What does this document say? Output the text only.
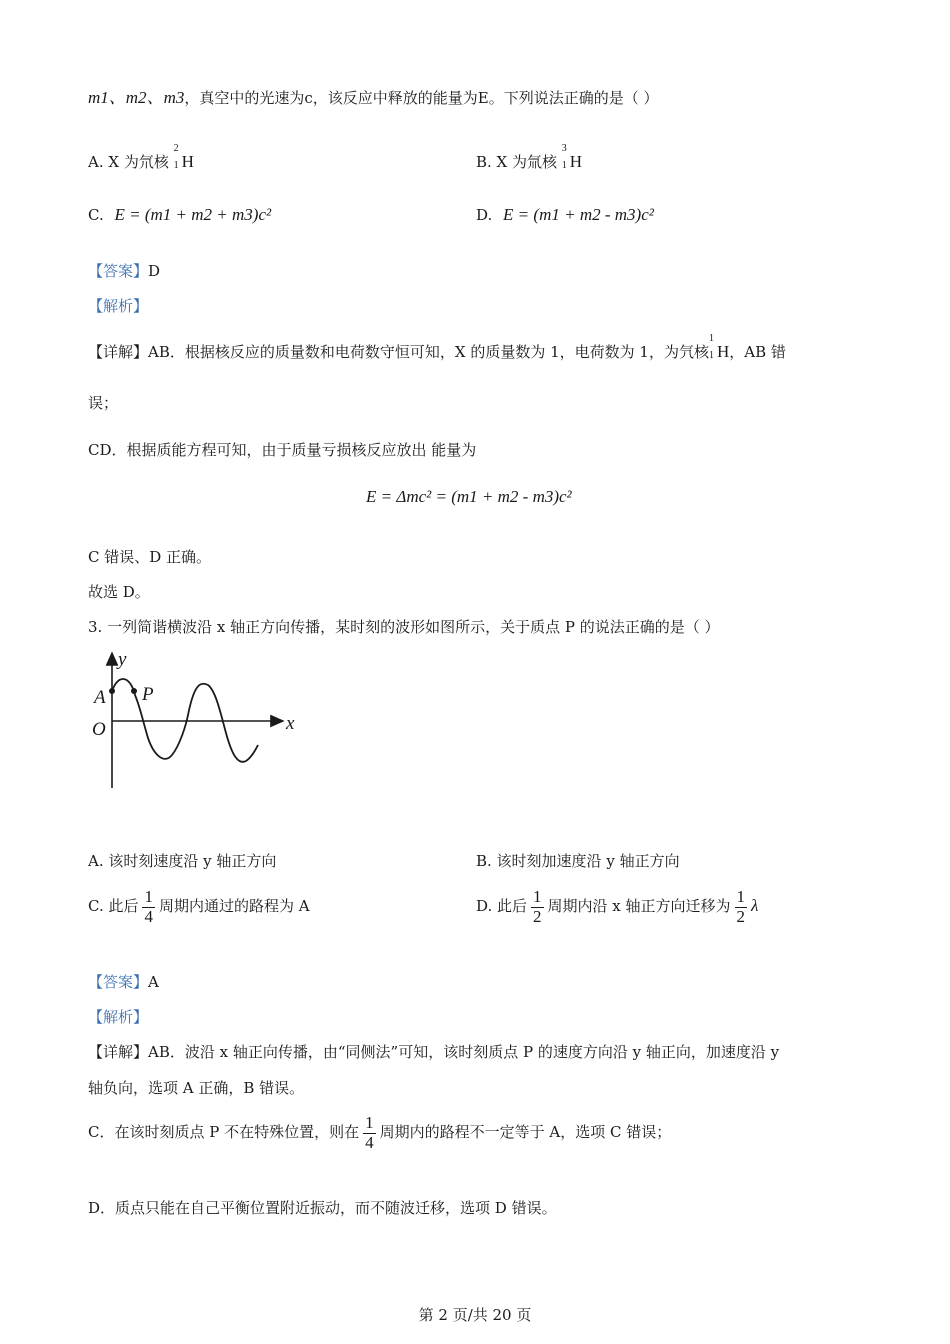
m1、m2、m3，真空中的光速为c，该反应中释放的能量为E。下列说法正确的是（ ）
A. X 为氘核
2
1 H	B. X 为氚核
3
1 H
C. E = (m1 + m2 + m3)c²	D. E = (m1 + m2 - m3)c²
【答案】D
【解析】
【详解】AB．根据核反应的质量数和电荷数守恒可知，X 的质量数为 1，电荷数为 1，为氕核
1
1 H，AB 错
误；
CD．根据质能方程可知，由于质量亏损核反应放出 能量为
E = Δmc² = (m1 + m2 - m3)c²
C 错误、D 正确。
故选 D。
3. 一列简谐横波沿 x 轴正方向传播，某时刻的波形如图所示，关于质点 P 的说法正确的是（ ）
y
x
A
O
P
A. 该时刻速度沿 y 轴正方向	B. 该时刻加速度沿 y 轴正方向
C. 此后 $\frac{1}{4}$ 周期内通过的路程为 A	D. 此后 $\frac{1}{2}$ 周期内沿 x 轴正方向迁移为 $\frac{1}{2}$ λ
【答案】A
【解析】
【详解】AB．波沿 x 轴正向传播，由“同侧法”可知，该时刻质点 P 的速度方向沿 y 轴正向，加速度沿 y
轴负向，选项 A 正确，B 错误。
C．在该时刻质点 P 不在特殊位置，则在 $\frac{1}{4}$ 周期内的路程不一定等于 A，选项 C 错误；
D．质点只能在自己平衡位置附近振动，而不随波迁移，选项 D 错误。
第 2 页/共 20 页
